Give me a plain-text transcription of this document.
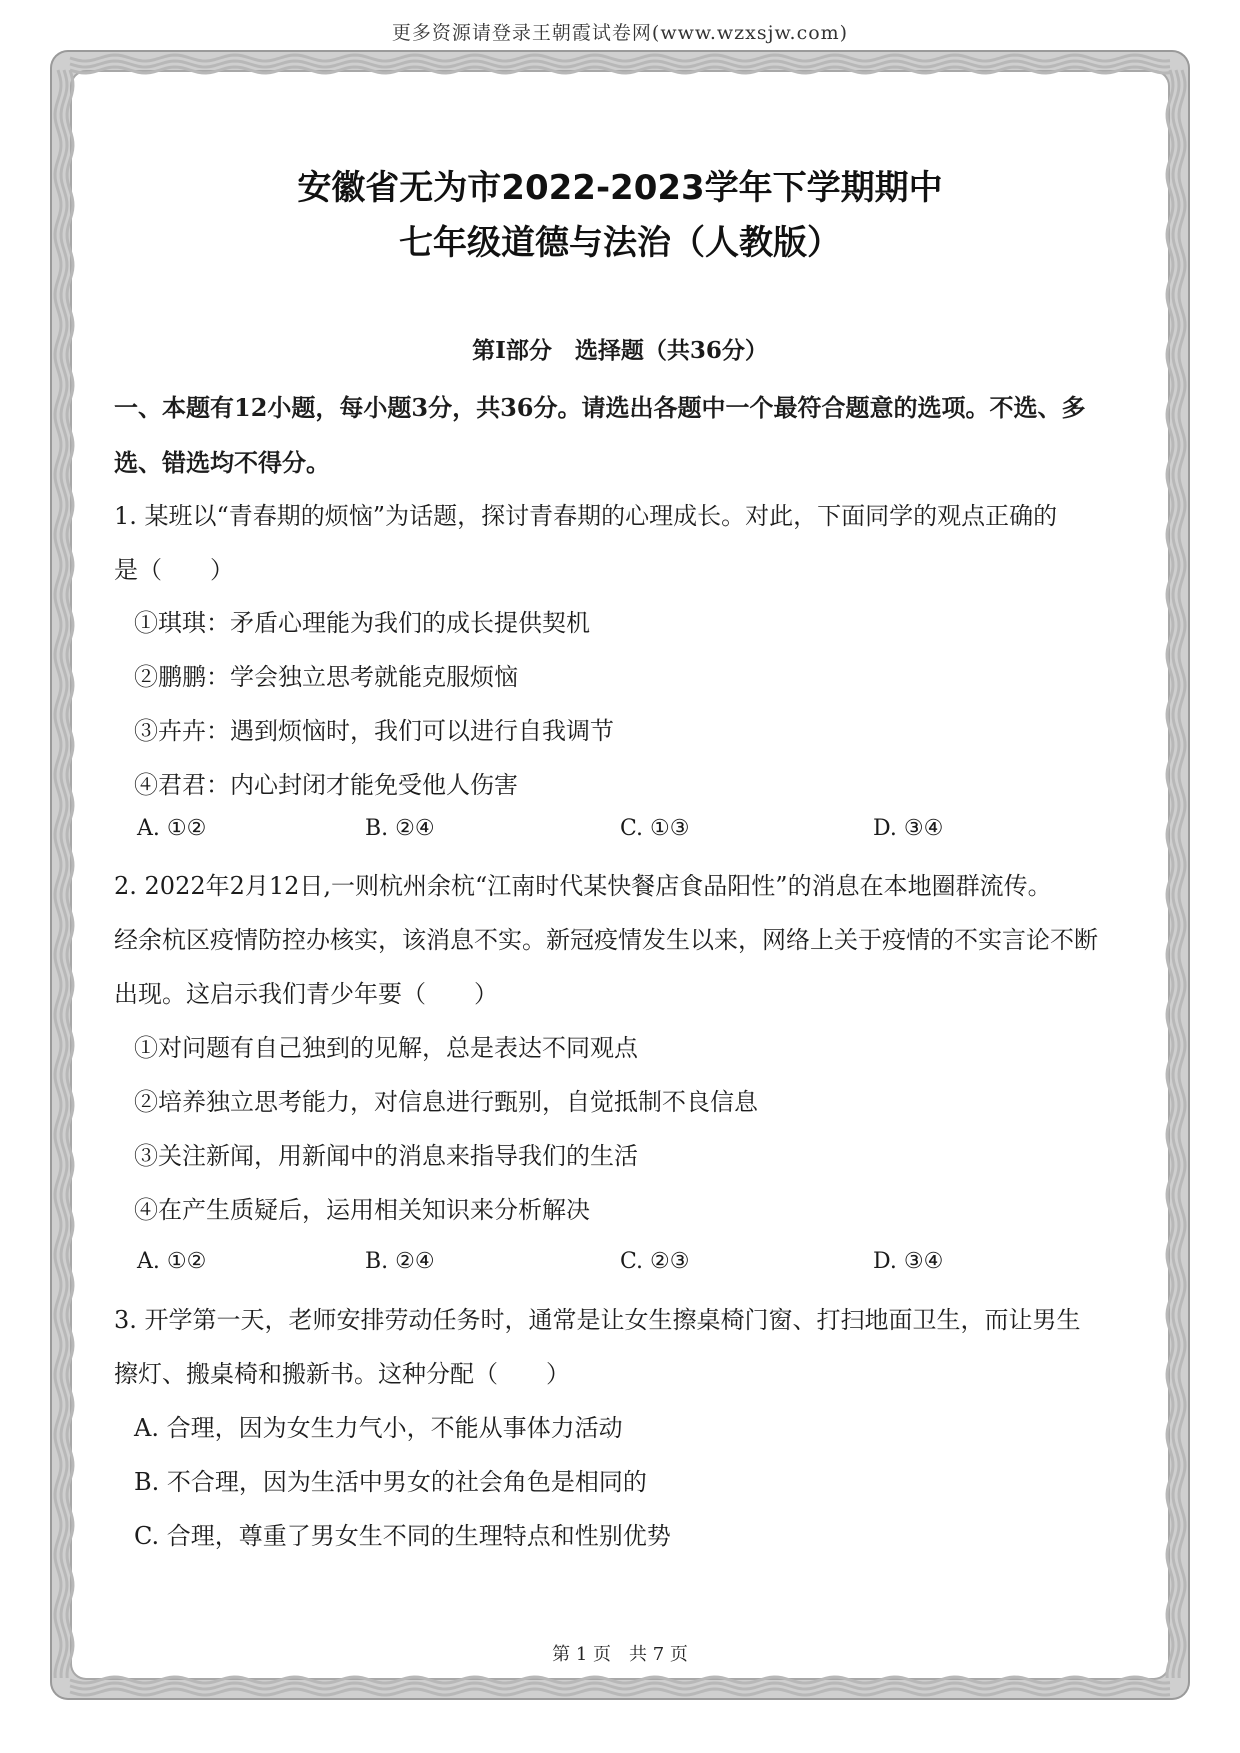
更多资源请登录王朝霞试卷网(www.wzxsjw.com)
安徽省无为市2022-2023学年下学期期中
七年级道德与法治（人教版）
第Ⅰ部分　选择题（共36分）
一、本题有12小题，每小题3分，共36分。请选出各题中一个最符合题意的选项。不选、多
选、错选均不得分。
1. 某班以“青春期的烦恼”为话题，探讨青春期的心理成长。对此，下面同学的观点正确的
是（　　）
①琪琪：矛盾心理能为我们的成长提供契机
②鹏鹏：学会独立思考就能克服烦恼
③卉卉：遇到烦恼时，我们可以进行自我调节
④君君：内心封闭才能免受他人伤害
A. ①②	B. ②④	C. ①③	D. ③④
2. 2022年2月12日,一则杭州余杭“江南时代某快餐店食品阳性”的消息在本地圈群流传。
经余杭区疫情防控办核实，该消息不实。新冠疫情发生以来，网络上关于疫情的不实言论不断
出现。这启示我们青少年要（　　）
①对问题有自己独到的见解，总是表达不同观点
②培养独立思考能力，对信息进行甄别，自觉抵制不良信息
③关注新闻，用新闻中的消息来指导我们的生活
④在产生质疑后，运用相关知识来分析解决
A. ①②	B. ②④	C. ②③	D. ③④
3. 开学第一天，老师安排劳动任务时，通常是让女生擦桌椅门窗、打扫地面卫生，而让男生
擦灯、搬桌椅和搬新书。这种分配（　　）
A. 合理，因为女生力气小，不能从事体力活动
B. 不合理，因为生活中男女的社会角色是相同的
C. 合理，尊重了男女生不同的生理特点和性别优势
第 1 页　共 7 页
